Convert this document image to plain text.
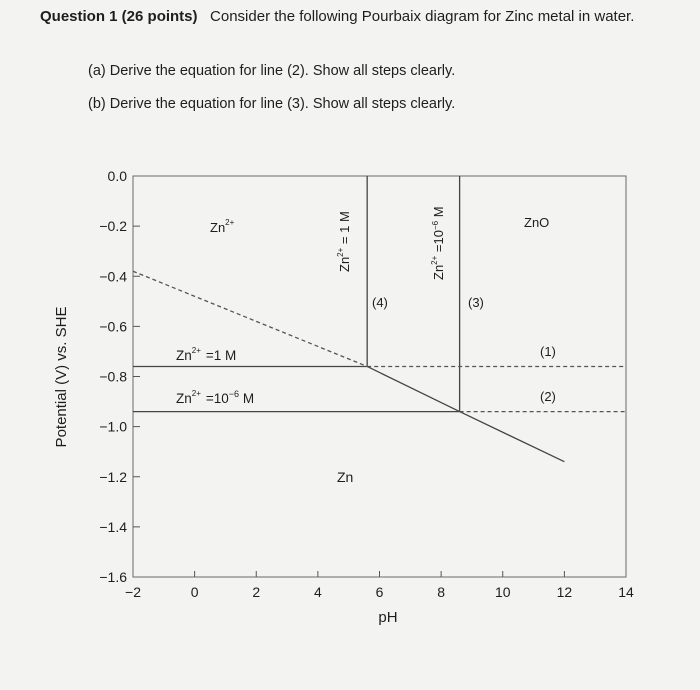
Question 1 (26 points) Consider the following Pourbaix diagram for Zinc metal in water.
(a) Derive the equation for line (2). Show all steps clearly.
(b) Derive the equation for line (3). Show all steps clearly.
0.0
−0.2
−0.4
−0.6
−0.8
−1.0
−1.2
−1.4
−1.6
−2	0	2	4	6	8	10	12	14
pH
Potential (V) vs. SHE
$Zn^{2+}$
Zn
ZnO
$Zn^{2+} =1$ M
$Zn^{2+} =10^{-6}$ M
$Zn^{2+} = 1$ M
$Zn^{2+} =10^{-6}$ M
(1)
(2)
(3)
(4)
